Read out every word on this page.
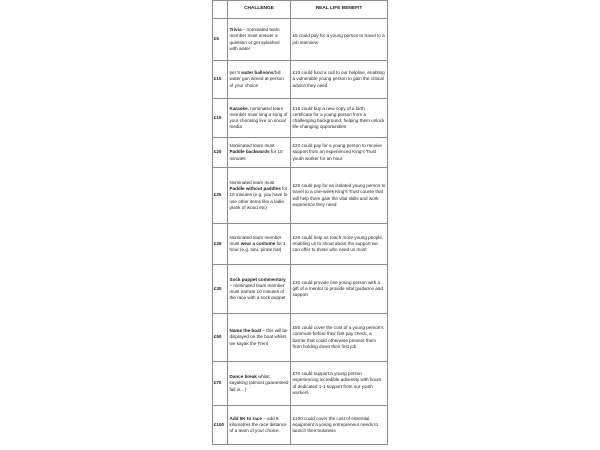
	CHALLENGE	REAL LIFE BENEFIT
£5	Trivia – nominated team member must answer a question or get splashed with water	£5 could pay for a young person to travel to a job interview
£10	per 5 water balloons/full water gun aimed at person of your choice	£10 could fund a call to our helpline, enabling a vulnerable young person to gain the critical advice they need
£15	Karaoke, nominated team member must sing a song of your choosing live on social media	£15 could buy a new copy of a birth certificate for a young person from a challenging background, helping them unlock life-changing opportunities
£20	Nominated team must Paddle backwards for 10 minutes	£20 could pay for a young person to receive support from an experienced King's Trust youth worker for an hour
£25	Nominated team must Paddle without paddles for 10 minutes (e.g. you have to use other items like a ladle plank of wood etc)	£25 could pay for an isolated young person to travel to a one-week King's Trust course that will help them gain the vital skills and work experience they need
£26	Nominated team member must wear a costume for 1 hour (e.g. tutu, pirate hat)	£26 could help us reach more young people, enabling us to shout about the support we can offer to those who need us most
£30	Sock puppet commentary – nominated team member must narrate 10 minutes of the race with a sock puppet	£30 could provide one young person with a gift of a mentor to provide vital guidance and support
£50	Name the boat – this will be displayed on the boat whilst we kayak the Trent	£50 could cover the cost of a young person's commute before their first pay check, a barrier that could otherwise prevent them from holding down their first job
£70	Dance break whilst kayaking (almost guaranteed fall in…)	£70 could support a young person experiencing incredible adversity with hours of dedicated 1-1 support from our youth workers
£100	Add 5K to race – add 5 kilometres the race distance of a team of your choice.	£100 could cover the cost of essential equipment a young entrepreneur needs to launch their business
